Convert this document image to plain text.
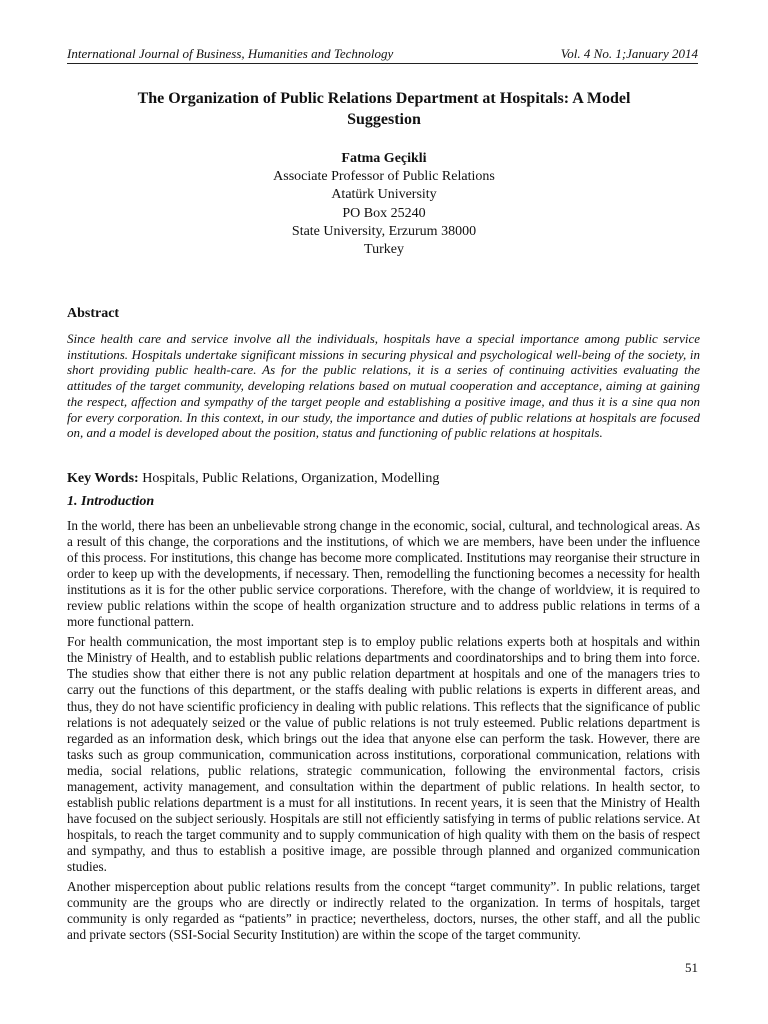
International Journal of Business, Humanities and Technology	Vol. 4 No. 1;January 2014
The Organization of Public Relations Department at Hospitals: A Model Suggestion
Fatma Geçikli
Associate Professor of Public Relations
Atatürk University
PO Box 25240
State University, Erzurum 38000
Turkey
Abstract
Since health care and service involve all the individuals, hospitals have a special importance among public service institutions. Hospitals undertake significant missions in securing physical and psychological well-being of the society, in short providing public health-care. As for the public relations, it is a series of continuing activities evaluating the attitudes of the target community, developing relations based on mutual cooperation and acceptance, aiming at gaining the respect, affection and sympathy of the target people and establishing a positive image, and thus it is a sine qua non for every corporation. In this context, in our study, the importance and duties of public relations at hospitals are focused on, and a model is developed about the position, status and functioning of public relations at hospitals.
Key Words: Hospitals, Public Relations, Organization, Modelling
1. Introduction

In the world, there has been an unbelievable strong change in the economic, social, cultural, and technological areas. As a result of this change, the corporations and the institutions, of which we are members, have been under the influence of this process. For institutions, this change has become more complicated. Institutions may reorganise their structure in order to keep up with the developments, if necessary. Then, remodelling the functioning becomes a necessity for health institutions as it is for the other public service corporations. Therefore, with the change of worldview, it is required to review public relations within the scope of health organization structure and to address public relations in terms of a more functional pattern.

For health communication, the most important step is to employ public relations experts both at hospitals and within the Ministry of Health, and to establish public relations departments and coordinatorships and to bring them into force. The studies show that either there is not any public relation department at hospitals and one of the managers tries to carry out the functions of this department, or the staffs dealing with public relations is experts in different areas, and thus, they do not have scientific proficiency in dealing with public relations. This reflects that the significance of public relations is not adequately seized or the value of public relations is not truly esteemed. Public relations department is regarded as an information desk, which brings out the idea that anyone else can perform the task. However, there are tasks such as group communication, communication across institutions, corporational communication, relations with media, social relations, public relations, strategic communication, following the environmental factors, crisis management, activity management, and consultation within the department of public relations. In health sector, to establish public relations department is a must for all institutions. In recent years, it is seen that the Ministry of Health have focused on the subject seriously. Hospitals are still not efficiently satisfying in terms of public relations service. At hospitals, to reach the target community and to supply communication of high quality with them on the basis of respect and sympathy, and thus to establish a positive image, are possible through planned and organized communication studies.

Another misperception about public relations results from the concept “target community”. In public relations, target community are the groups who are directly or indirectly related to the organization. In terms of hospitals, target community is only regarded as “patients” in practice; nevertheless, doctors, nurses, the other staff, and all the public and private sectors (SSI-Social Security Institution) are within the scope of the target community.

51
